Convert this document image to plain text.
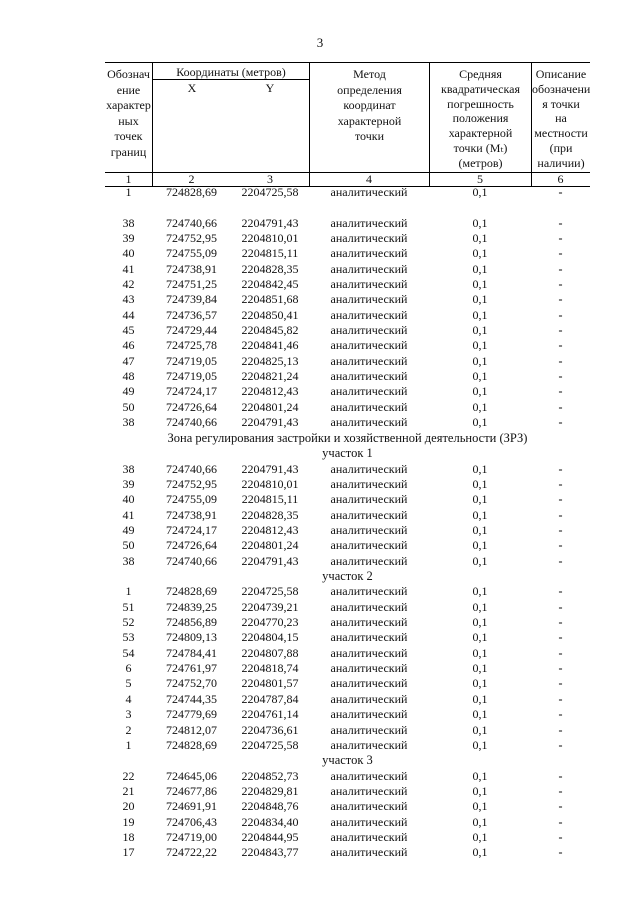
3
Обознач
ение
характер
ных
точек
границ
Координаты (метров)
X	Y
Метод
определения
координат
характерной
точки
Средняя
квадратическая
погрешность
положения
характерной
точки (Mₜ)
(метров)
Описание
обозначени
я точки
на
местности
(при
наличии)
1	2	3	4	5	6
1	724828,69	2204725,58	аналитический	0,1	-
38	724740,66	2204791,43	аналитический	0,1	-
39	724752,95	2204810,01	аналитический	0,1	-
40	724755,09	2204815,11	аналитический	0,1	-
41	724738,91	2204828,35	аналитический	0,1	-
42	724751,25	2204842,45	аналитический	0,1	-
43	724739,84	2204851,68	аналитический	0,1	-
44	724736,57	2204850,41	аналитический	0,1	-
45	724729,44	2204845,82	аналитический	0,1	-
46	724725,78	2204841,46	аналитический	0,1	-
47	724719,05	2204825,13	аналитический	0,1	-
48	724719,05	2204821,24	аналитический	0,1	-
49	724724,17	2204812,43	аналитический	0,1	-
50	724726,64	2204801,24	аналитический	0,1	-
38	724740,66	2204791,43	аналитический	0,1	-
Зона регулирования застройки и хозяйственной деятельности (ЗРЗ)
участок 1
38	724740,66	2204791,43	аналитический	0,1	-
39	724752,95	2204810,01	аналитический	0,1	-
40	724755,09	2204815,11	аналитический	0,1	-
41	724738,91	2204828,35	аналитический	0,1	-
49	724724,17	2204812,43	аналитический	0,1	-
50	724726,64	2204801,24	аналитический	0,1	-
38	724740,66	2204791,43	аналитический	0,1	-
участок 2
1	724828,69	2204725,58	аналитический	0,1	-
51	724839,25	2204739,21	аналитический	0,1	-
52	724856,89	2204770,23	аналитический	0,1	-
53	724809,13	2204804,15	аналитический	0,1	-
54	724784,41	2204807,88	аналитический	0,1	-
6	724761,97	2204818,74	аналитический	0,1	-
5	724752,70	2204801,57	аналитический	0,1	-
4	724744,35	2204787,84	аналитический	0,1	-
3	724779,69	2204761,14	аналитический	0,1	-
2	724812,07	2204736,61	аналитический	0,1	-
1	724828,69	2204725,58	аналитический	0,1	-
участок 3
22	724645,06	2204852,73	аналитический	0,1	-
21	724677,86	2204829,81	аналитический	0,1	-
20	724691,91	2204848,76	аналитический	0,1	-
19	724706,43	2204834,40	аналитический	0,1	-
18	724719,00	2204844,95	аналитический	0,1	-
17	724722,22	2204843,77	аналитический	0,1	-
